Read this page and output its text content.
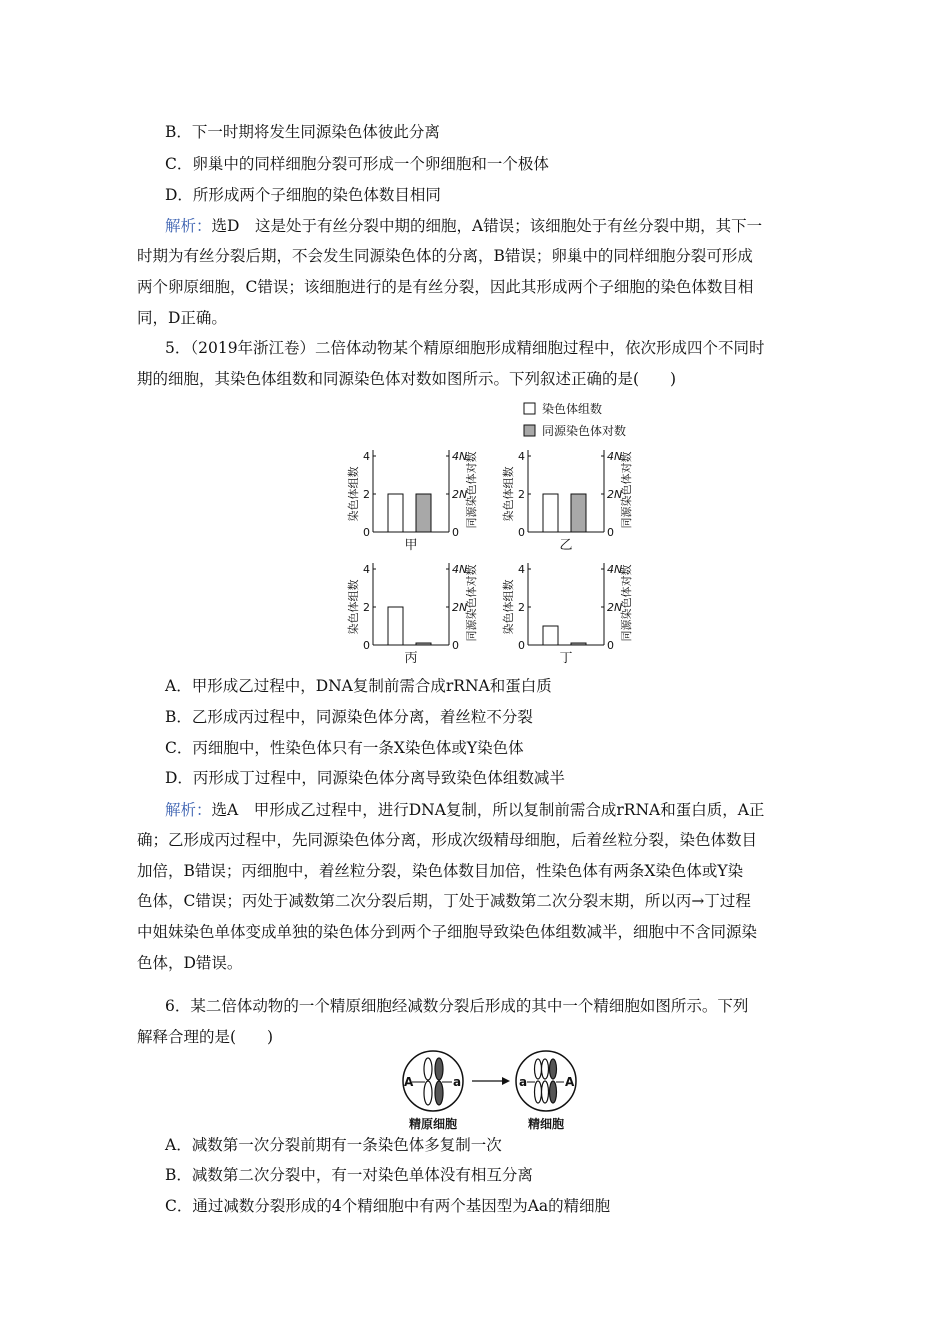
B．下一时期将发生同源染色体彼此分离
C．卵巢中的同样细胞分裂可形成一个卵细胞和一个极体
D．所形成两个子细胞的染色体数目相同
解析：选D　这是处于有丝分裂中期的细胞，A错误；该细胞处于有丝分裂中期，其下一
时期为有丝分裂后期，不会发生同源染色体的分离，B错误；卵巢中的同样细胞分裂可形成
两个卵原细胞，C错误；该细胞进行的是有丝分裂，因此其形成两个子细胞的染色体数目相
同，D正确。
5．（2019年浙江卷）二倍体动物某个精原细胞形成精细胞过程中，依次形成四个不同时
期的细胞，其染色体组数和同源染色体对数如图所示。下列叙述正确的是(　　)
染色体组数
同源染色体对数
0
2
4
0
2N
4N
染色体组数	同源染色体对数
甲
0
2
4
0
2N
4N
染色体组数	同源染色体对数
乙
0
2
4
0
2N
4N
染色体组数	同源染色体对数
丙
0
2
4
0
2N
4N
染色体组数	同源染色体对数
丁
A．甲形成乙过程中，DNA复制前需合成rRNA和蛋白质
B．乙形成丙过程中，同源染色体分离，着丝粒不分裂
C．丙细胞中，性染色体只有一条X染色体或Y染色体
D．丙形成丁过程中，同源染色体分离导致染色体组数减半
解析：选A　甲形成乙过程中，进行DNA复制，所以复制前需合成rRNA和蛋白质，A正
确；乙形成丙过程中，先同源染色体分离，形成次级精母细胞，后着丝粒分裂，染色体数目
加倍，B错误；丙细胞中，着丝粒分裂，染色体数目加倍，性染色体有两条X染色体或Y染
色体，C错误；丙处于减数第二次分裂后期，丁处于减数第二次分裂末期，所以丙→丁过程
中姐妹染色单体变成单独的染色体分到两个子细胞导致染色体组数减半，细胞中不含同源染
色体，D错误。
6．某二倍体动物的一个精原细胞经减数分裂后形成的其中一个精细胞如图所示。下列
解释合理的是(　　)
A	a
精原细胞
a	A
精细胞
A．减数第一次分裂前期有一条染色体多复制一次
B．减数第二次分裂中，有一对染色单体没有相互分离
C．通过减数分裂形成的4个精细胞中有两个基因型为Aa的精细胞
